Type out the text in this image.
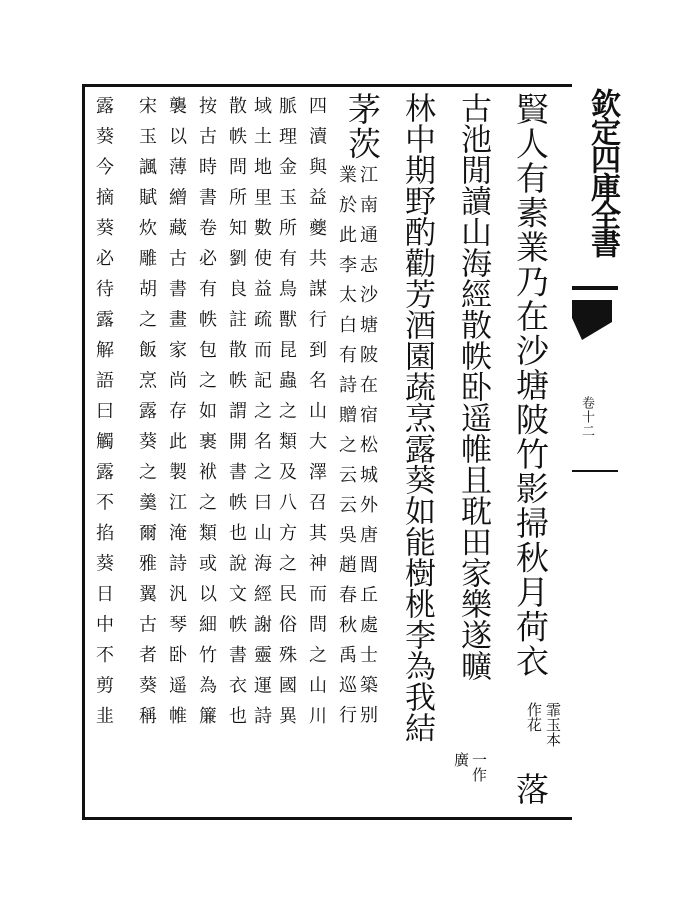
欽定四庫全書
卷十二
賢人有素業乃在沙塘陂竹影掃秋月荷衣
霏玉本
作花
落
古池閒讀山海經散帙卧遥帷且耽田家樂遂曠
一作
廣
林中期野酌勸芳酒園蔬烹露葵如能樹桃李為我結
茅茨
江南通志沙塘陂在宿松城外唐閭丘處士築别
業於此李太白有詩贈之云云吳趙春秋禹巡行
四瀆與益夔共謀行到名山大澤召其神而問之山川
脈理金玉所有鳥獸昆蟲之類及八方之民俗殊國異
域土地里數使益疏而記之名之曰山海經謝靈運詩
散帙問所知劉良註散帙謂開書帙也說文帙書衣也
按古時書卷必有帙包之如裹袱之類或以細竹為簾
襲以薄繒藏古書畫家尚存此製江淹詩汎琴卧遥帷
宋玉諷賦炊雕胡之飯烹露葵之羹爾雅翼古者葵稱
露葵今摘葵必待露解語曰觸露不掐葵日中不剪韭
